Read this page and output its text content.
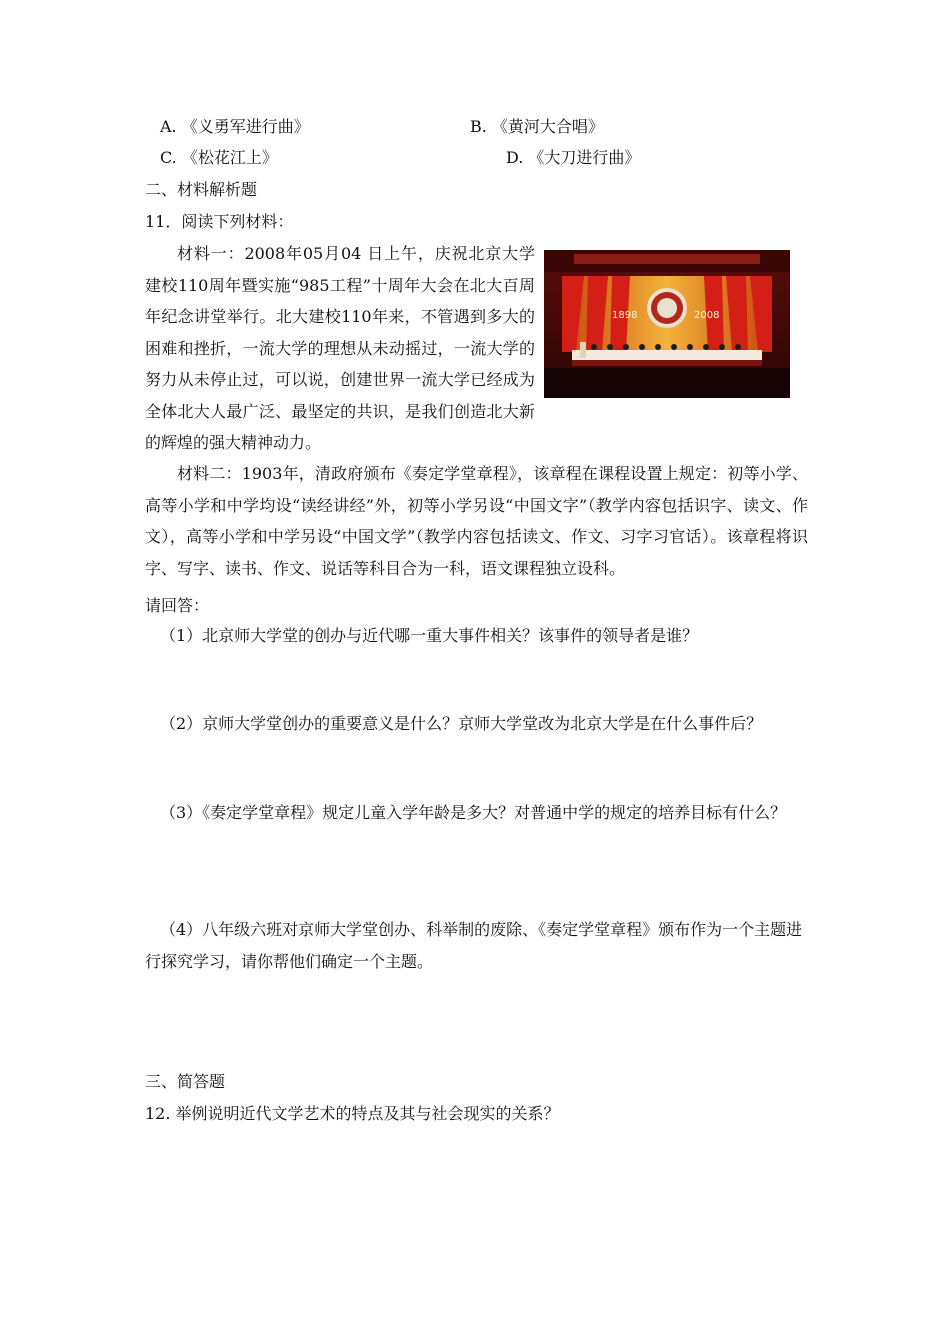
A. 《义勇军进行曲》	B. 《黄河大合唱》
C. 《松花江上》	D. 《大刀进行曲》
二、材料解析题
11．阅读下列材料：
1898	2008
材料一：2008年05月04 日上午，庆祝北京大学建校110周年暨实施“985工程”十周年大会在北大百周年纪念讲堂举行。北大建校110年来，不管遇到多大的困难和挫折，一流大学的理想从未动摇过，一流大学的努力从未停止过，可以说，创建世界一流大学已经成为全体北大人最广泛、最坚定的共识，是我们创造北大新的辉煌的强大精神动力。
材料二：1903年，清政府颁布《奏定学堂章程》，该章程在课程设置上规定：初等小学、高等小学和中学均设“读经讲经”外，初等小学另设“中国文字”（教学内容包括识字、读文、作文），高等小学和中学另设“中国文学”（教学内容包括读文、作文、习字习官话）。该章程将识字、写字、读书、作文、说话等科目合为一科，语文课程独立设科。
请回答：
（1）北京师大学堂的创办与近代哪一重大事件相关？该事件的领导者是谁？
（2）京师大学堂创办的重要意义是什么？京师大学堂改为北京大学是在什么事件后？
（3）《奏定学堂章程》规定儿童入学年龄是多大？对普通中学的规定的培养目标有什么？
（4）八年级六班对京师大学堂创办、科举制的废除、《奏定学堂章程》颁布作为一个主题进行探究学习，请你帮他们确定一个主题。
三、简答题
12. 举例说明近代文学艺术的特点及其与社会现实的关系？
